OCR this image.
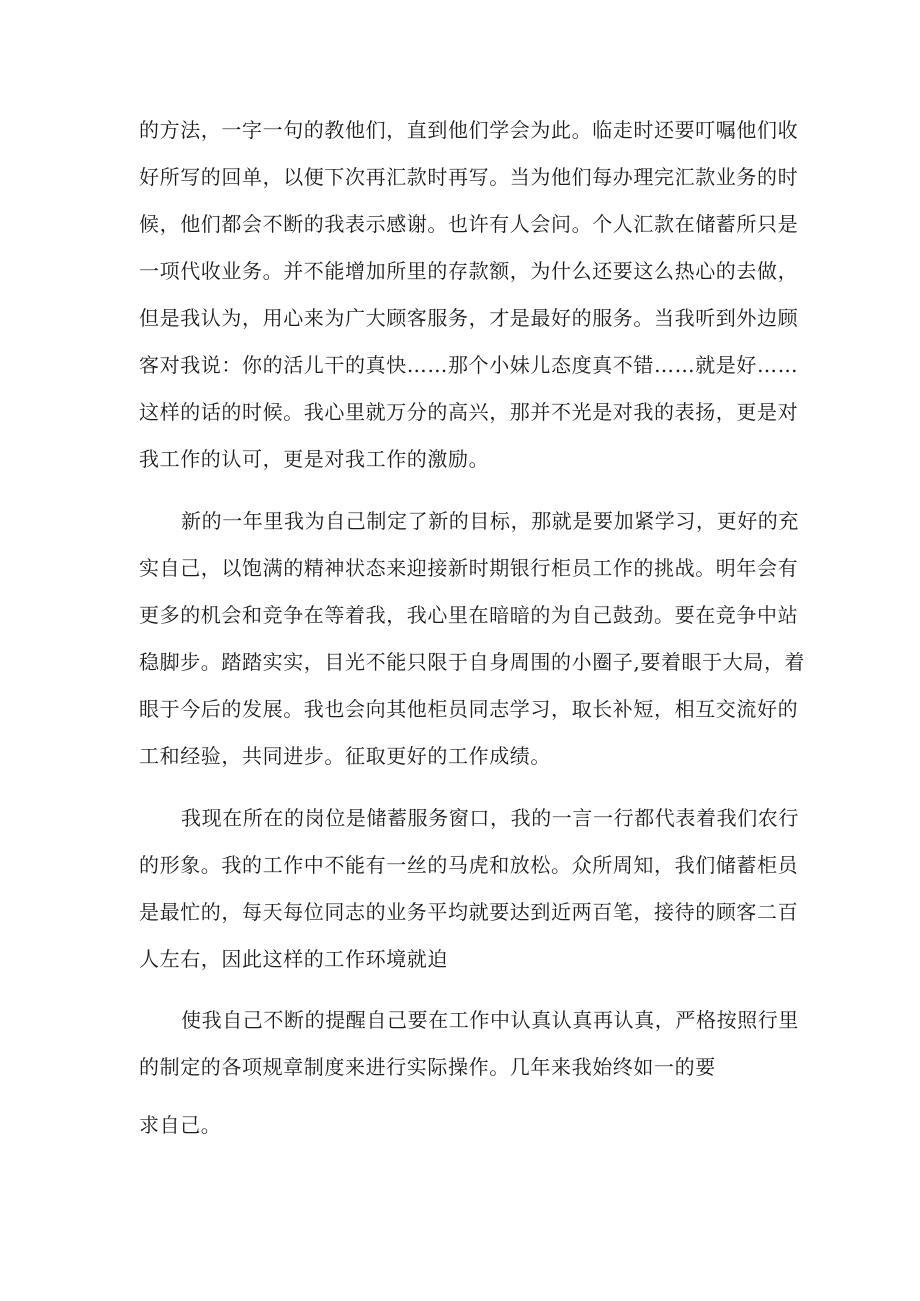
的方法，一字一句的教他们，直到他们学会为此。临走时还要叮嘱他们收

好所写的回单，以便下次再汇款时再写。当为他们每办理完汇款业务的时

候，他们都会不断的我表示感谢。也许有人会问。个人汇款在储蓄所只是

一项代收业务。并不能增加所里的存款额，为什么还要这么热心的去做，

但是我认为，用心来为广大顾客服务，才是最好的服务。当我听到外边顾

客对我说：你的活儿干的真快……那个小妹儿态度真不错……就是好……

这样的话的时候。我心里就万分的高兴，那并不光是对我的表扬，更是对

我工作的认可，更是对我工作的激励。

新的一年里我为自己制定了新的目标，那就是要加紧学习，更好的充

实自己，以饱满的精神状态来迎接新时期银行柜员工作的挑战。明年会有

更多的机会和竞争在等着我，我心里在暗暗的为自己鼓劲。要在竞争中站

稳脚步。踏踏实实，目光不能只限于自身周围的小圈子,要着眼于大局，着

眼于今后的发展。我也会向其他柜员同志学习，取长补短，相互交流好的

工和经验，共同进步。征取更好的工作成绩。

我现在所在的岗位是储蓄服务窗口，我的一言一行都代表着我们农行

的形象。我的工作中不能有一丝的马虎和放松。众所周知，我们储蓄柜员

是最忙的，每天每位同志的业务平均就要达到近两百笔，接待的顾客二百

人左右，因此这样的工作环境就迫

使我自己不断的提醒自己要在工作中认真认真再认真，严格按照行里

的制定的各项规章制度来进行实际操作。几年来我始终如一的要

求自己。
